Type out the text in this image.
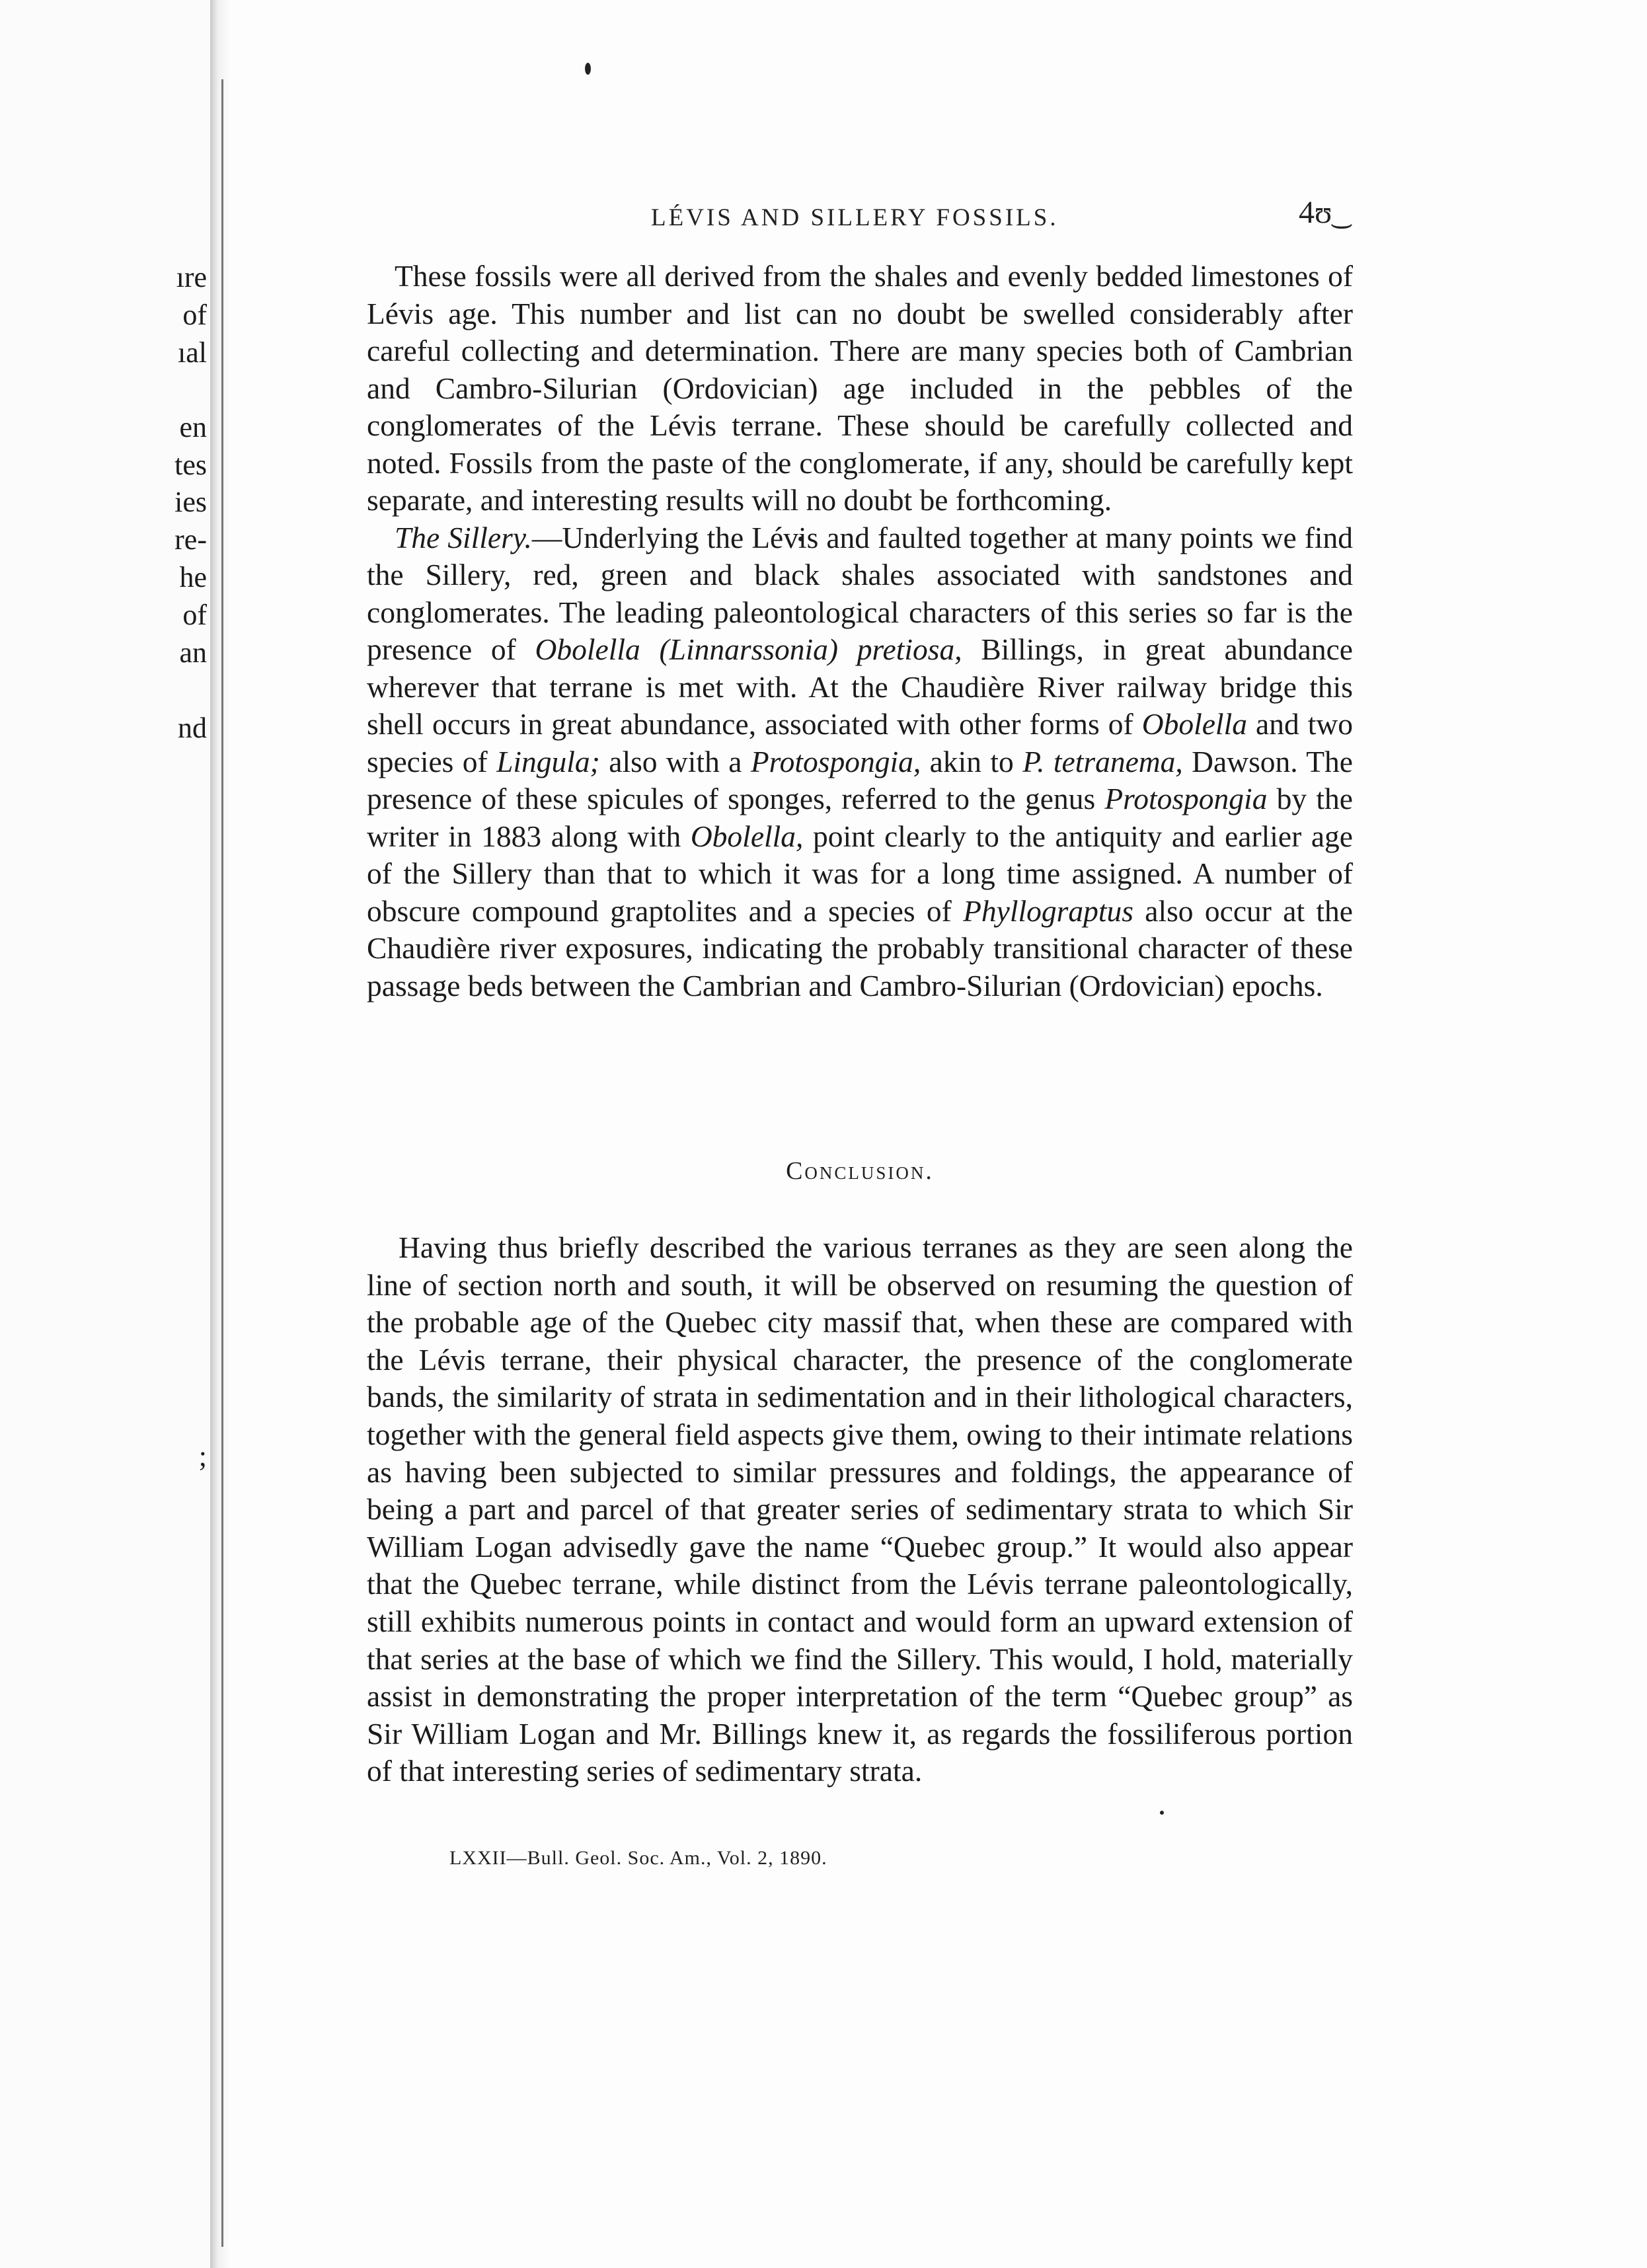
ıre
of
ıal
en
tes
ies
re-
he
of
an
nd
;
LÉVIS AND SILLERY FOSSILS.	4ʊ͜

These fossils were all derived from the shales and evenly bedded limestones of Lévis age. This number and list can no doubt be swelled considerably after careful collecting and determination. There are many species both of Cambrian and Cambro-Silurian (Ordovician) age included in the pebbles of the conglomerates of the Lévis terrane. These should be carefully collected and noted. Fossils from the paste of the conglomerate, if any, should be carefully kept separate, and interesting results will no doubt be forthcoming.

The Sillery.—Underlying the Lévis and faulted together at many points we find the Sillery, red, green and black shales associated with sandstones and conglomerates. The leading paleontological characters of this series so far is the presence of Obolella (Linnarssonia) pretiosa, Billings, in great abundance wherever that terrane is met with. At the Chaudière River railway bridge this shell occurs in great abundance, associated with other forms of Obolella and two species of Lingula; also with a Protospongia, akin to P. tetranema, Dawson. The presence of these spicules of sponges, referred to the genus Protospongia by the writer in 1883 along with Obolella, point clearly to the antiquity and earlier age of the Sillery than that to which it was for a long time assigned. A number of obscure compound graptolites and a species of Phyllograptus also occur at the Chaudière river exposures, indicating the probably transitional character of these passage beds between the Cambrian and Cambro-Silurian (Ordovician) epochs.

Conclusion.

Having thus briefly described the various terranes as they are seen along the line of section north and south, it will be observed on resuming the question of the probable age of the Quebec city massif that, when these are compared with the Lévis terrane, their physical character, the presence of the conglomerate bands, the similarity of strata in sedimentation and in their lithological characters, together with the general field aspects give them, owing to their intimate relations as having been subjected to similar pressures and foldings, the appearance of being a part and parcel of that greater series of sedimentary strata to which Sir William Logan advisedly gave the name “Quebec group.” It would also appear that the Quebec terrane, while distinct from the Lévis terrane paleontologically, still exhibits numerous points in contact and would form an upward extension of that series at the base of which we find the Sillery. This would, I hold, materially assist in demonstrating the proper interpretation of the term “Quebec group” as Sir William Logan and Mr. Billings knew it, as regards the fossiliferous portion of that interesting series of sedimentary strata.

LXXII—Bull. Geol. Soc. Am., Vol. 2, 1890.
